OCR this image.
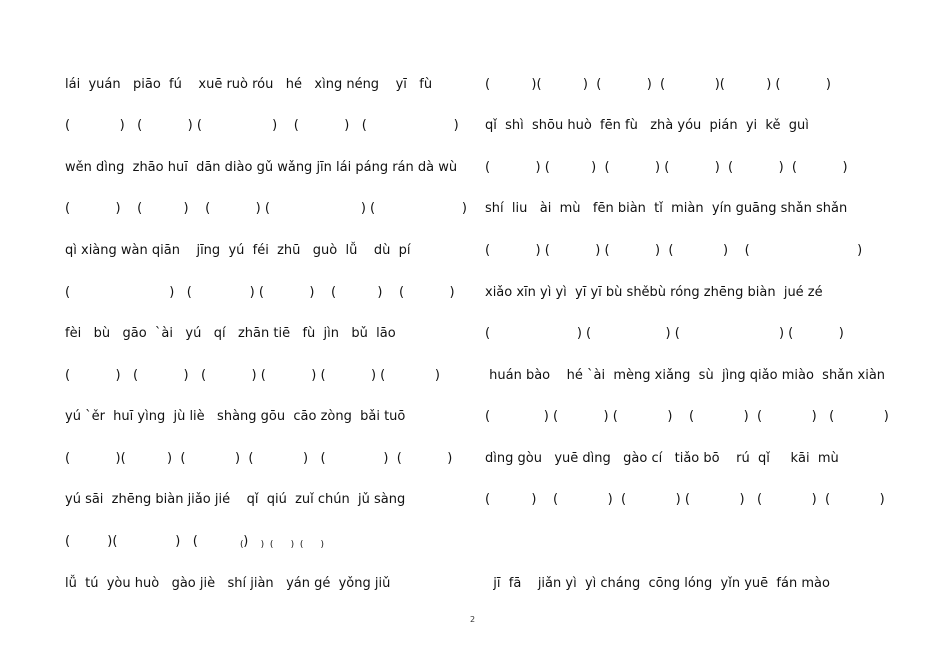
lái  yuán   piāo  fú    xuē ruò róu   hé   xìng néng    yī   fù

(            )   (           ) (                 )    (           )   (                     )

wěn dìng  zhāo huī  dān diào gǔ wǎng jīn lái páng rán dà wù

(           )    (          )    (           ) (                      ) (                     )

qì xiàng wàn qiān    jīng  yú  féi  zhū   guò  lǚ    dù  pí

(                        )   (              ) (           )    (          )    (           )

fèi   bù   gāo  `ài   yú   qí   zhān tiē   fù  jìn   bǔ  lāo

(           )   (           )   (           ) (           ) (           ) (            )

yú `ěr  huī yìng  jù liè   shàng gōu  cāo zòng  bǎi tuō

(           )(          )  (            )  (            )   (              )  (           )

yú sāi  zhēng biàn jiǎo jié    qǐ  qiú  zuǐ chún  jǔ sàng

(         )(              )   (           )

(      )  (      )  (      )

lǚ  tú  yòu huò   gào jiè   shí jiàn   yán gé  yǒng jiǔ

(          )(          )  (           )  (            )(          ) (           )

qǐ  shì  shōu huò  fēn fù   zhà yóu  pián  yi  kě  guì

(           ) (          )  (           ) (           )  (           )  (           )

shí  liu   ài  mù   fēn biàn  tǐ  miàn  yín guāng shǎn shǎn

(           ) (           ) (           )  (            )    (                          )

xiǎo xīn yì yì  yī yī bù shěbù róng zhēng biàn  jué zé

(                     ) (                  ) (                        ) (           )

huán bào    hé `ài  mèng xiǎng  sù  jìng qiǎo miào  shǎn xiàn

(             ) (           ) (            )    (            )  (            )   (            )

dìng gòu   yuē dìng   gào cí   tiǎo bō    rú  qǐ     kāi  mù

(          )    (            )  (            ) (            )   (            )  (            )

jī  fā    jiǎn yì  yì cháng  cōng lóng  yǐn yuē  fán mào

2
